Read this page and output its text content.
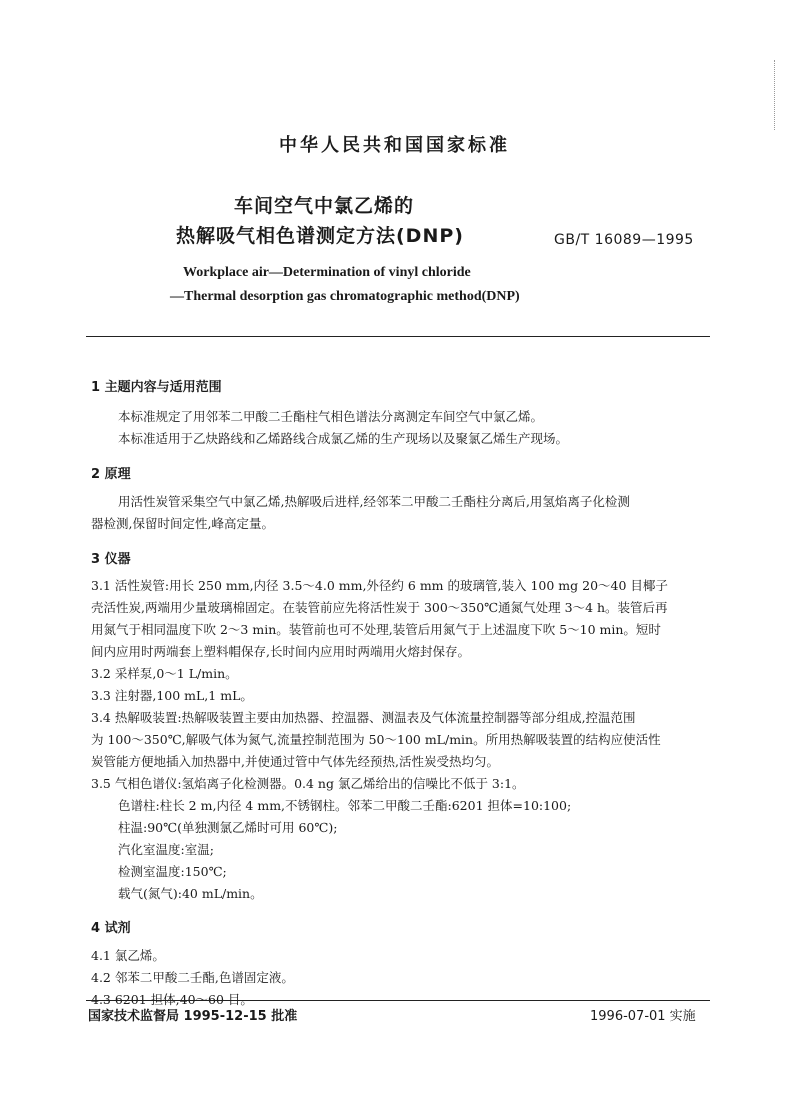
中华人民共和国国家标准
车间空气中氯乙烯的
热解吸气相色谱测定方法(DNP)	GB/T 16089—1995
Workplace air—Determination of vinyl chloride
—Thermal desorption gas chromatographic method(DNP)
1 主题内容与适用范围
本标准规定了用邻苯二甲酸二壬酯柱气相色谱法分离测定车间空气中氯乙烯。
本标准适用于乙炔路线和乙烯路线合成氯乙烯的生产现场以及聚氯乙烯生产现场。
2 原理
用活性炭管采集空气中氯乙烯,热解吸后进样,经邻苯二甲酸二壬酯柱分离后,用氢焰离子化检测
器检测,保留时间定性,峰高定量。
3 仪器
3.1 活性炭管:用长 250 mm,内径 3.5～4.0 mm,外径约 6 mm 的玻璃管,装入 100 mg 20～40 目椰子
壳活性炭,两端用少量玻璃棉固定。在装管前应先将活性炭于 300～350℃通氮气处理 3～4 h。装管后再
用氮气于相同温度下吹 2～3 min。装管前也可不处理,装管后用氮气于上述温度下吹 5～10 min。短时
间内应用时两端套上塑料帽保存,长时间内应用时两端用火熔封保存。
3.2 采样泵,0～1 L/min。
3.3 注射器,100 mL,1 mL。
3.4 热解吸装置:热解吸装置主要由加热器、控温器、测温表及气体流量控制器等部分组成,控温范围
为 100～350℃,解吸气体为氮气,流量控制范围为 50～100 mL/min。所用热解吸装置的结构应使活性
炭管能方便地插入加热器中,并使通过管中气体先经预热,活性炭受热均匀。
3.5 气相色谱仪:氢焰离子化检测器。0.4 ng 氯乙烯给出的信噪比不低于 3:1。
色谱柱:柱长 2 m,内径 4 mm,不锈钢柱。邻苯二甲酸二壬酯:6201 担体=10:100;
柱温:90℃(单独测氯乙烯时可用 60℃);
汽化室温度:室温;
检测室温度:150℃;
载气(氮气):40 mL/min。
4 试剂
4.1 氯乙烯。
4.2 邻苯二甲酸二壬酯,色谱固定液。
4.3 6201 担体,40～60 目。
国家技术监督局 1995-12-15 批准	1996-07-01 实施
